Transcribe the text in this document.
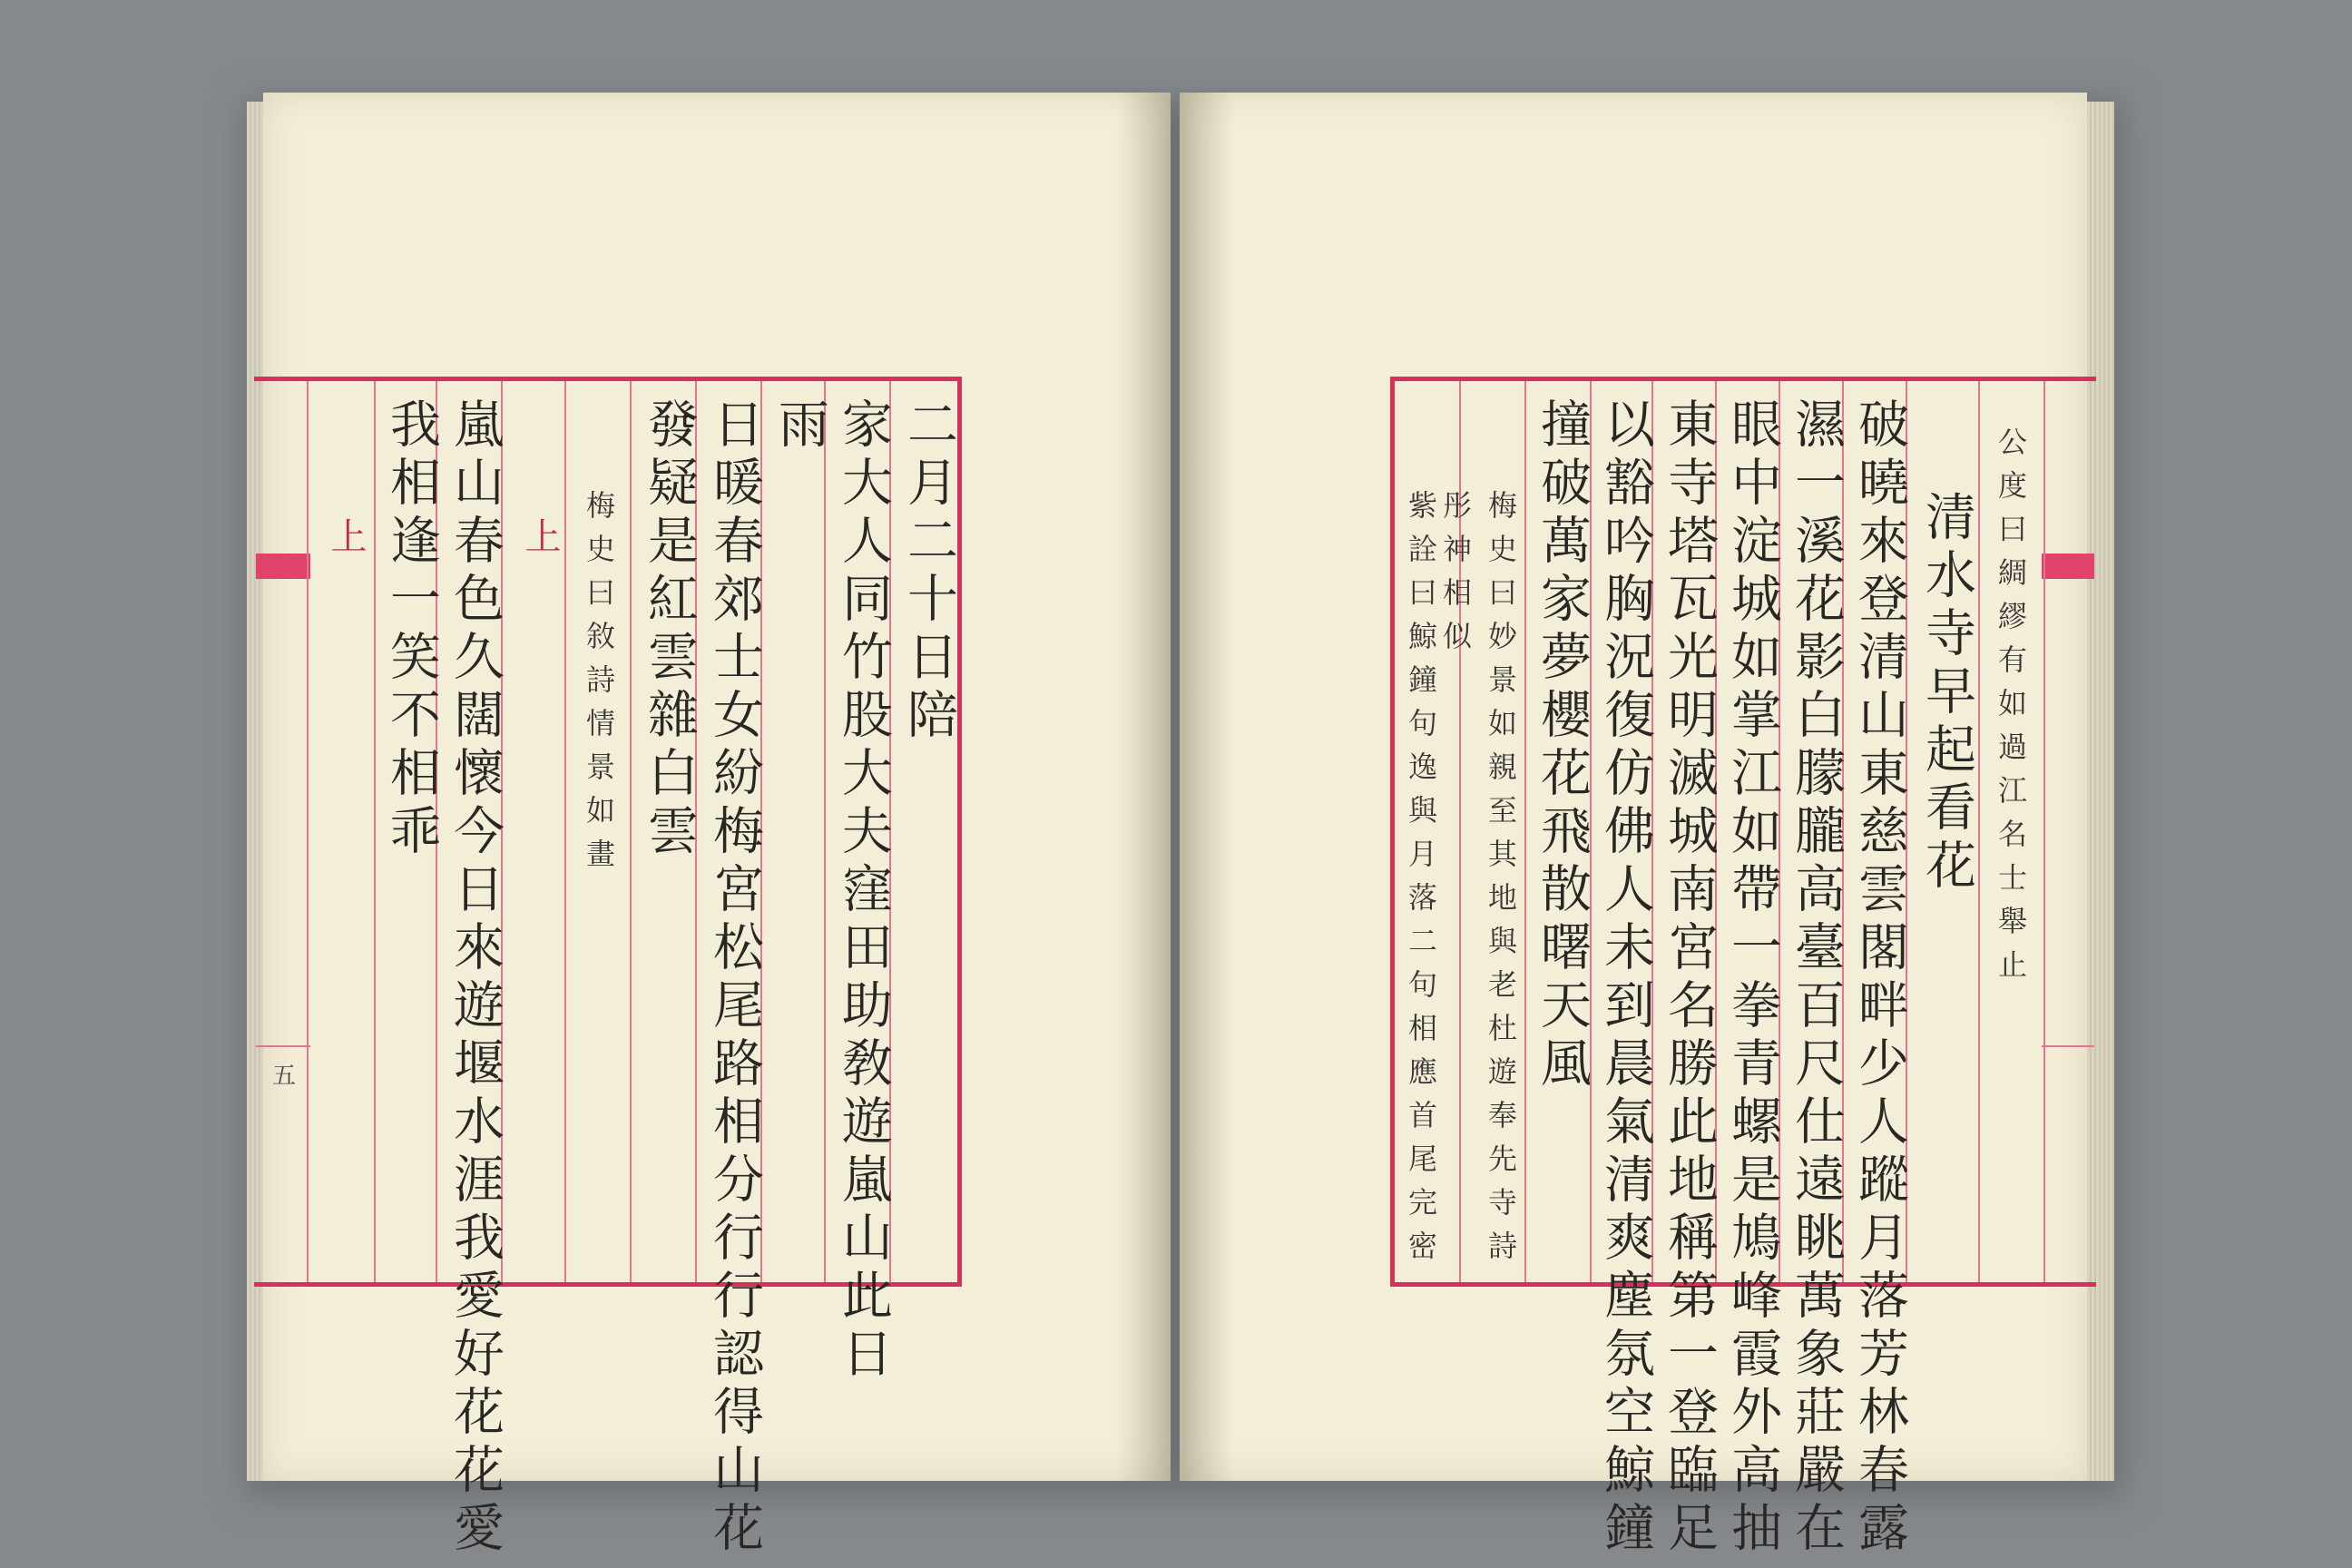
二月二十日陪
家大人同竹股大夫窪田助敎遊嵐山此日
雨
日暖春郊士女紛梅宮松尾路相分行行認得山花
發疑是紅雲雜白雲
梅史曰敘詩情景如畫
上
嵐山春色久闊懷今日來遊堰水涯我愛好花花愛
我相逢一笑不相乖
上
五
公度曰綢繆有如過江名士舉止
清水寺早起看花
破曉來登清山東慈雲閣畔少人蹤月落芳林春露
濕一溪花影白朦朧高臺百尺仕遠眺萬象莊嚴在
眼中淀城如掌江如帶一拳青螺是鳩峰霞外高抽
東寺塔瓦光明滅城南宮名勝此地稱第一登臨足
以豁吟胸況復仿佛人未到晨氣清爽塵氛空鯨鐘
撞破萬家夢櫻花飛散曙天風
梅史曰妙景如親至其地與老杜遊奉先寺詩
彤神相似
紫詮曰鯨鐘句逸與月落二句相應首尾完密
